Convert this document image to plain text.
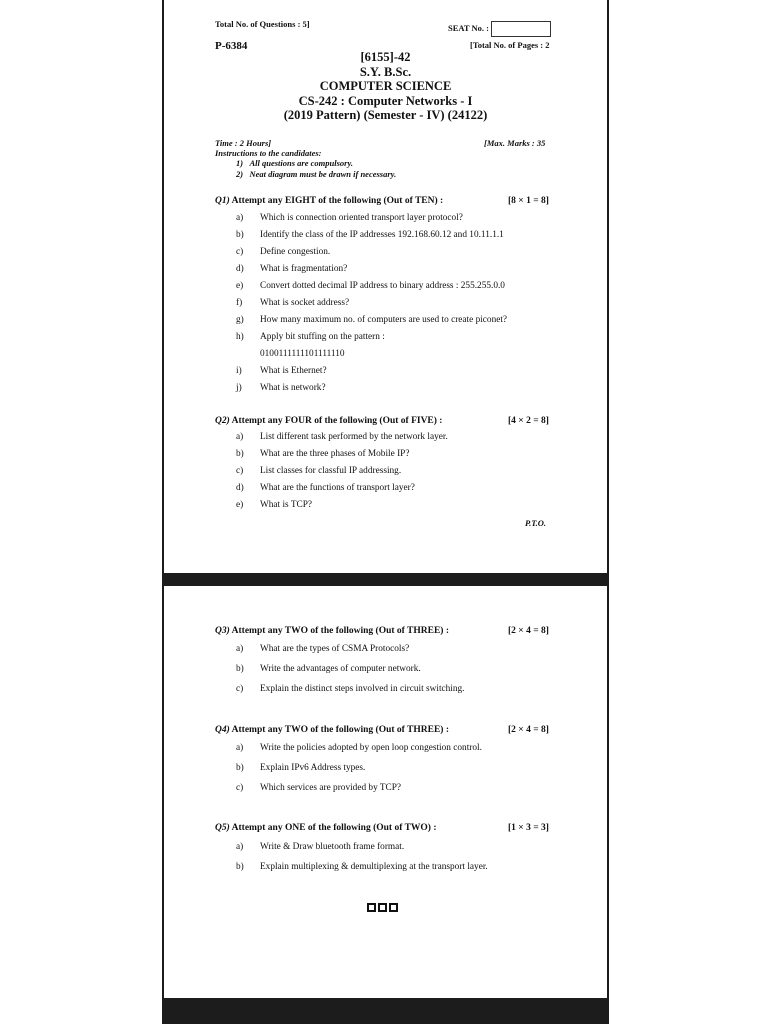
Total No. of Questions : 5]	SEAT No. :
P-6384	[Total No. of Pages : 2
[6155]-42
S.Y. B.Sc.
COMPUTER SCIENCE
CS-242 : Computer Networks - I
(2019 Pattern) (Semester - IV) (24122)
Time : 2 Hours]	[Max. Marks : 35
Instructions to the candidates:
1) All questions are compulsory.
2) Neat diagram must be drawn if necessary.
Q1) Attempt any EIGHT of the following (Out of TEN) :	[8 × 1 = 8]
a) Which is connection oriented transport layer protocol?
b) Identify the class of the IP addresses 192.168.60.12 and 10.11.1.1
c) Define congestion.
d) What is fragmentation?
e) Convert dotted decimal IP address to binary address : 255.255.0.0
f) What is socket address?
g) How many maximum no. of computers are used to create piconet?
h) Apply bit stuffing on the pattern :
0100111111101111110
i) What is Ethernet?
j) What is network?
Q2) Attempt any FOUR of the following (Out of FIVE) :	[4 × 2 = 8]
a) List different task performed by the network layer.
b) What are the three phases of Mobile IP?
c) List classes for classful IP addressing.
d) What are the functions of transport layer?
e) What is TCP?
P.T.O.
Q3) Attempt any TWO of the following (Out of THREE) :	[2 × 4 = 8]
a) What are the types of CSMA Protocols?
b) Write the advantages of computer network.
c) Explain the distinct steps involved in circuit switching.
Q4) Attempt any TWO of the following (Out of THREE) :	[2 × 4 = 8]
a) Write the policies adopted by open loop congestion control.
b) Explain IPv6 Address types.
c) Which services are provided by TCP?
Q5) Attempt any ONE of the following (Out of TWO) :	[1 × 3 = 3]
a) Write & Draw bluetooth frame format.
b) Explain multiplexing & demultiplexing at the transport layer.
